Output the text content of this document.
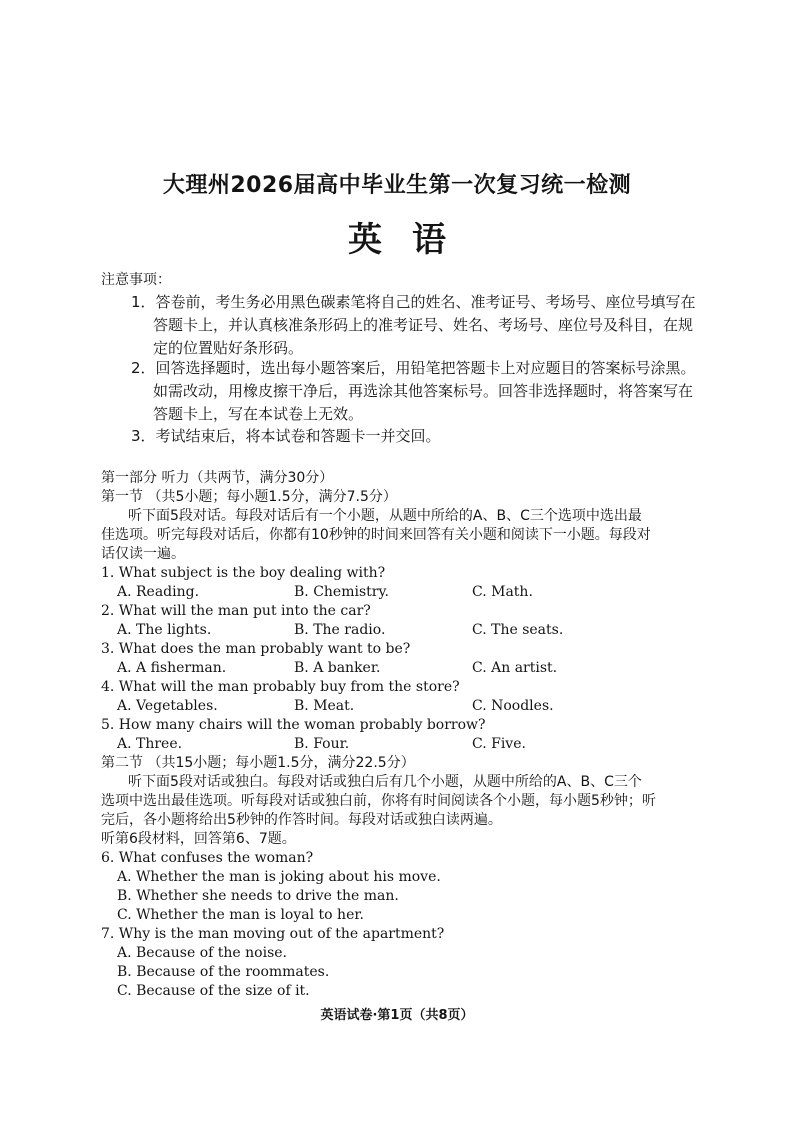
大理州2026届高中毕业生第一次复习统一检测
英语
注意事项：
1．答卷前，考生务必用黑色碳素笔将自己的姓名、准考证号、考场号、座位号填写在
答题卡上，并认真核准条形码上的准考证号、姓名、考场号、座位号及科目，在规
定的位置贴好条形码。
2．回答选择题时，选出每小题答案后，用铅笔把答题卡上对应题目的答案标号涂黑。
如需改动，用橡皮擦干净后，再选涂其他答案标号。回答非选择题时，将答案写在
答题卡上，写在本试卷上无效。
3．考试结束后，将本试卷和答题卡一并交回。
第一部分 听力（共两节，满分30分）
第一节 （共5小题；每小题1.5分，满分7.5分）
听下面5段对话。每段对话后有一个小题，从题中所给的A、B、C三个选项中选出最
佳选项。听完每段对话后，你都有10秒钟的时间来回答有关小题和阅读下一小题。每段对
话仅读一遍。
1. What subject is the boy dealing with?
A. Reading.	B. Chemistry.	C. Math.
2. What will the man put into the car?
A. The lights.	B. The radio.	C. The seats.
3. What does the man probably want to be?
A. A fisherman.	B. A banker.	C. An artist.
4. What will the man probably buy from the store?
A. Vegetables.	B. Meat.	C. Noodles.
5. How many chairs will the woman probably borrow?
A. Three.	B. Four.	C. Five.
第二节 （共15小题；每小题1.5分，满分22.5分）
听下面5段对话或独白。每段对话或独白后有几个小题，从题中所给的A、B、C三个
选项中选出最佳选项。听每段对话或独白前，你将有时间阅读各个小题，每小题5秒钟；听
完后，各小题将给出5秒钟的作答时间。每段对话或独白读两遍。
听第6段材料，回答第6、7题。
6. What confuses the woman?
A. Whether the man is joking about his move.
B. Whether she needs to drive the man.
C. Whether the man is loyal to her.
7. Why is the man moving out of the apartment?
A. Because of the noise.
B. Because of the roommates.
C. Because of the size of it.
英语试卷·第1页（共8页）
